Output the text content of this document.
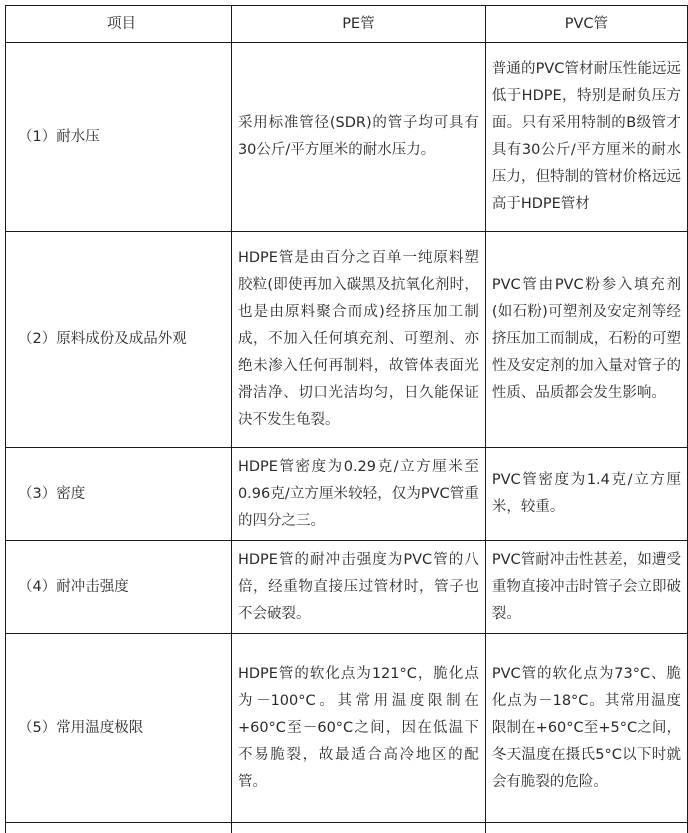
项目	PE管	PVC管
（1）耐水压	采用标准管径(SDR)的管子均可具有30公斤/平方厘米的耐水压力。	普通的PVC管材耐压性能远远低于HDPE，特别是耐负压方面。只有采用特制的B级管才具有30公斤/平方厘米的耐水压力，但特制的管材价格远远高于HDPE管材
（2）原料成份及成品外观	HDPE管是由百分之百单一纯原料塑胶粒(即使再加入碳黑及抗氧化剂时，也是由原料聚合而成)经挤压加工制成，不加入任何填充剂、可塑剂、亦绝未渗入任何再制料，故管体表面光滑洁净、切口光洁均匀，日久能保证决不发生龟裂。	PVC管由PVC粉参入填充剂(如石粉)可塑剂及安定剂等经挤压加工而制成，石粉的可塑性及安定剂的加入量对管子的性质、品质都会发生影响。
（3）密度	HDPE管密度为0.29克/立方厘米至0.96克/立方厘米较轻，仅为PVC管重的四分之三。	PVC管密度为1.4克/立方厘米，较重。
（4）耐冲击强度	HDPE管的耐冲击强度为PVC管的八倍，经重物直接压过管材时，管子也不会破裂。	PVC管耐冲击性甚差，如遭受重物直接冲击时管子会立即破裂。
（5）常用温度极限	HDPE管的软化点为121°C，脆化点为－100°C。其常用温度限制在+60°C至－60°C之间，因在低温下不易脆裂，故最适合高冷地区的配管。	PVC管的软化点为73°C、脆化点为－18°C。其常用温度限制在+60°C至+5°C之间，冬天温度在摄氏5°C以下时就会有脆裂的危险。
